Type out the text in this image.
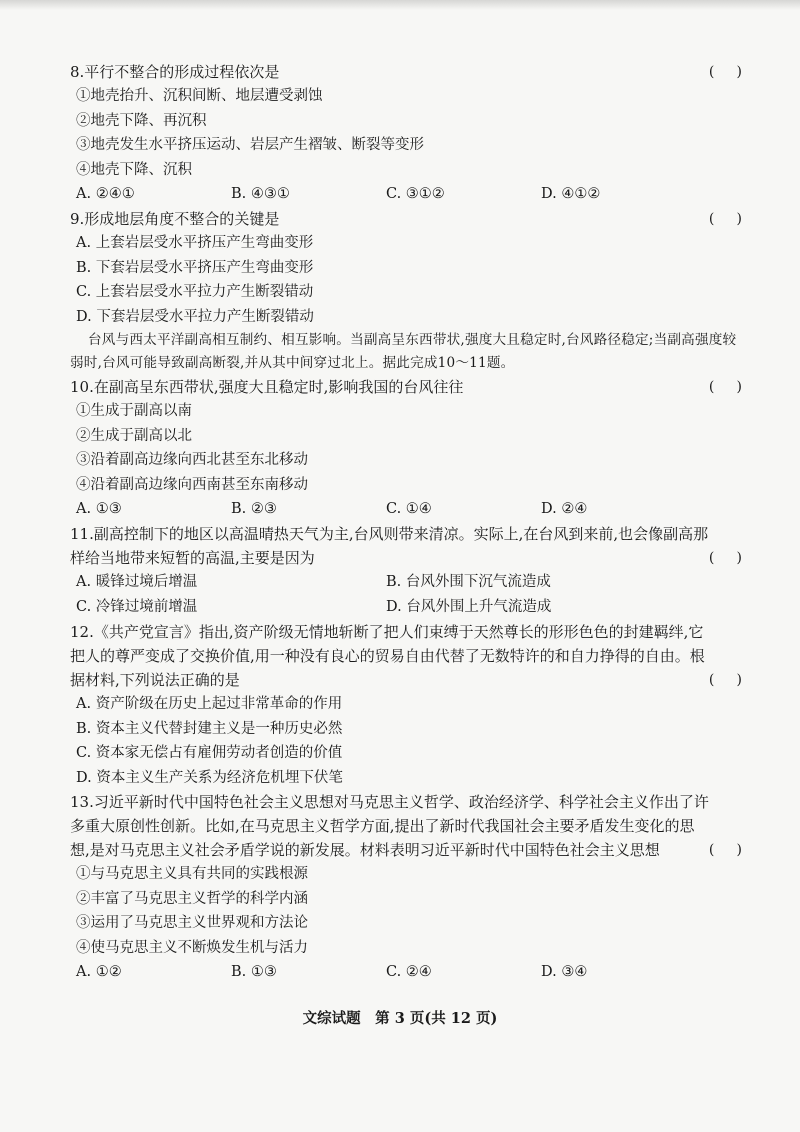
8.平行不整合的形成过程依次是	(     )
①地壳抬升、沉积间断、地层遭受剥蚀
②地壳下降、再沉积
③地壳发生水平挤压运动、岩层产生褶皱、断裂等变形
④地壳下降、沉积
A. ②④①	B. ④③①	C. ③①②	D. ④①②
9.形成地层角度不整合的关键是	(     )
A. 上套岩层受水平挤压产生弯曲变形
B. 下套岩层受水平挤压产生弯曲变形
C. 上套岩层受水平拉力产生断裂错动
D. 下套岩层受水平拉力产生断裂错动

台风与西太平洋副高相互制约、相互影响。当副高呈东西带状,强度大且稳定时,台风路径稳定;当副高强度较弱时,台风可能导致副高断裂,并从其中间穿过北上。据此完成10～11题。

10.在副高呈东西带状,强度大且稳定时,影响我国的台风往往	(     )
①生成于副高以南
②生成于副高以北
③沿着副高边缘向西北甚至东北移动
④沿着副高边缘向西南甚至东南移动
A. ①③	B. ②③	C. ①④	D. ②④
11.副高控制下的地区以高温晴热天气为主,台风则带来清凉。实际上,在台风到来前,也会像副高那样给当地带来短暂的高温,主要是因为	(     )
A. 暖锋过境后增温	B. 台风外围下沉气流造成
C. 冷锋过境前增温	D. 台风外围上升气流造成
12.《共产党宣言》指出,资产阶级无情地斩断了把人们束缚于天然尊长的形形色色的封建羁绊,它把人的尊严变成了交换价值,用一种没有良心的贸易自由代替了无数特许的和自力挣得的自由。根据材料,下列说法正确的是	(     )
A. 资产阶级在历史上起过非常革命的作用
B. 资本主义代替封建主义是一种历史必然
C. 资本家无偿占有雇佣劳动者创造的价值
D. 资本主义生产关系为经济危机埋下伏笔
13.习近平新时代中国特色社会主义思想对马克思主义哲学、政治经济学、科学社会主义作出了许多重大原创性创新。比如,在马克思主义哲学方面,提出了新时代我国社会主要矛盾发生变化的思想,是对马克思主义社会矛盾学说的新发展。材料表明习近平新时代中国特色社会主义思想	(     )
①与马克思主义具有共同的实践根源
②丰富了马克思主义哲学的科学内涵
③运用了马克思主义世界观和方法论
④使马克思主义不断焕发生机与活力
A. ①②	B. ①③	C. ②④	D. ③④
文综试题　第 3 页(共 12 页)
